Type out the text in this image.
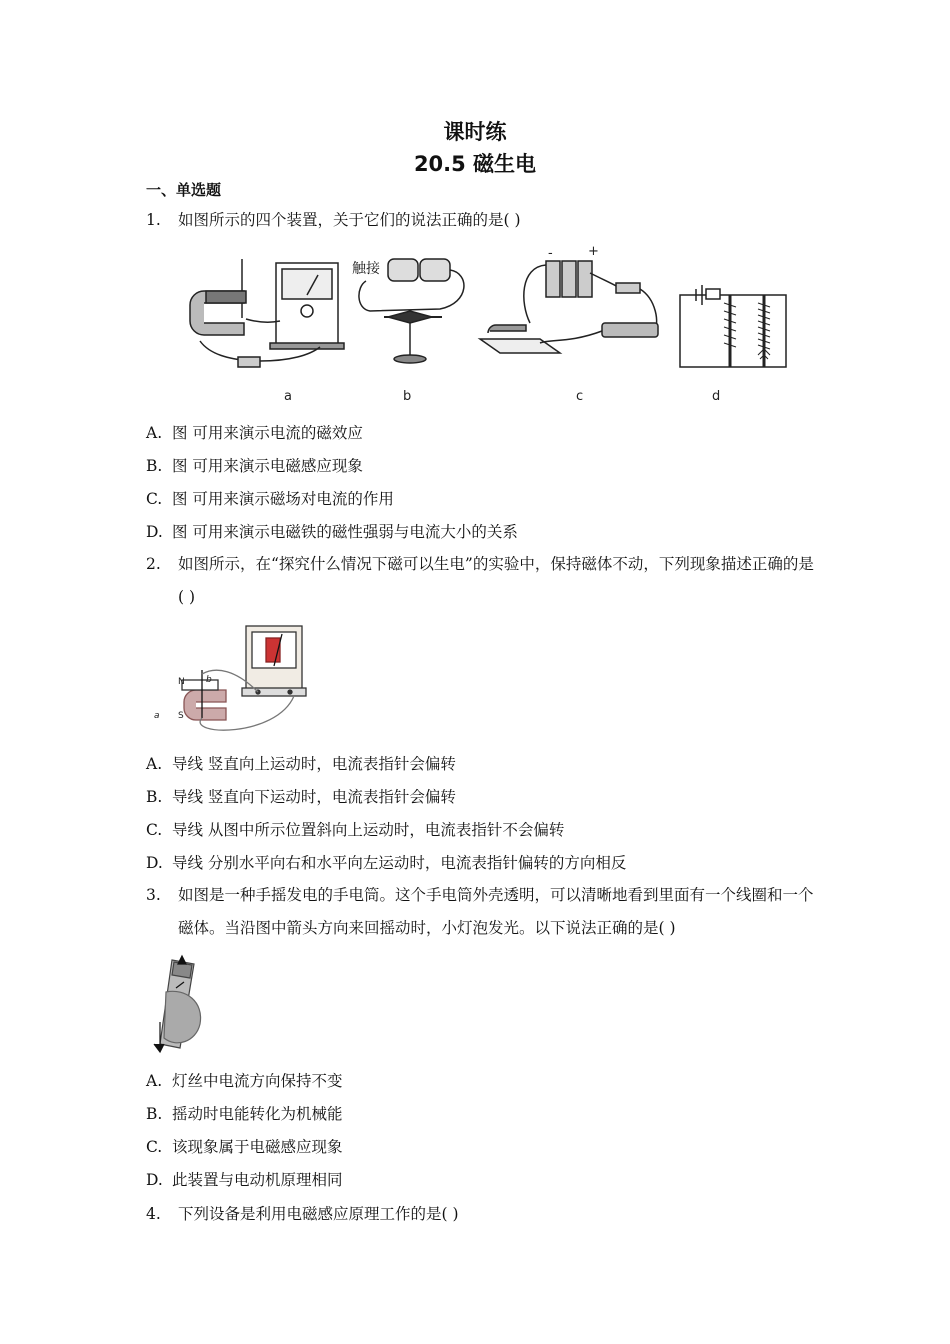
课时练
20.5 磁生电
一、单选题
1. 如图所示的四个装置，关于它们的说法正确的是( )
a
触接
b
-	+
c	d
A. 图 可用来演示电流的磁效应
B. 图 可用来演示电磁感应现象
C. 图 可用来演示磁场对电流的作用
D. 图 可用来演示电磁铁的磁性强弱与电流大小的关系
2. 如图所示，在“探究什么情况下磁可以生电”的实验中，保持磁体不动，下列现象描述正确的是( )
N
S
a
b
A. 导线 竖直向上运动时，电流表指针会偏转
B. 导线 竖直向下运动时，电流表指针会偏转
C. 导线 从图中所示位置斜向上运动时，电流表指针不会偏转
D. 导线 分别水平向右和水平向左运动时，电流表指针偏转的方向相反
3. 如图是一种手摇发电的手电筒。这个手电筒外壳透明，可以清晰地看到里面有一个线圈和一个磁体。当沿图中箭头方向来回摇动时，小灯泡发光。以下说法正确的是( )
A. 灯丝中电流方向保持不变
B. 摇动时电能转化为机械能
C. 该现象属于电磁感应现象
D. 此装置与电动机原理相同
4. 下列设备是利用电磁感应原理工作的是( )
